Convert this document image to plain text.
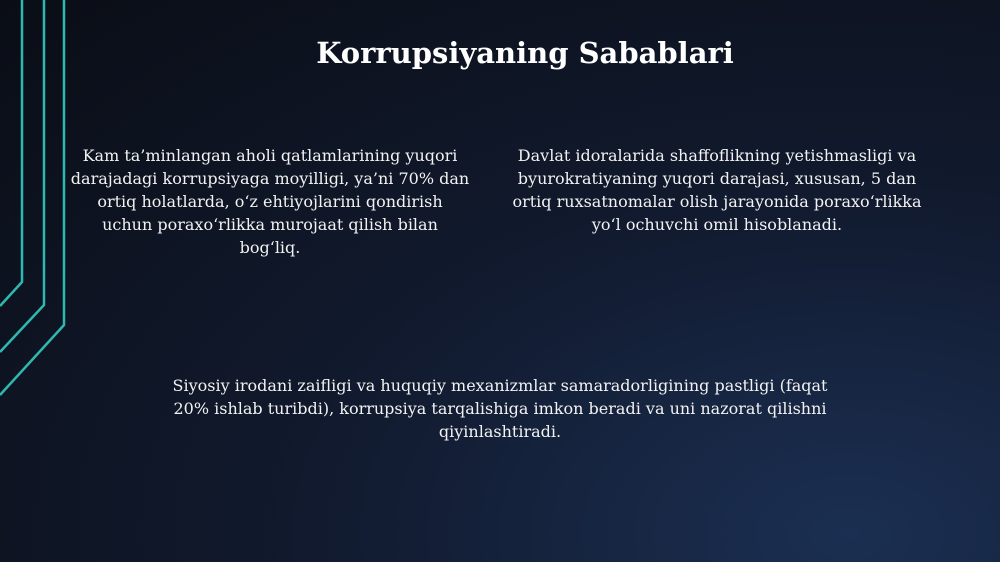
Korrupsiyaning Sabablari
Kam ta’minlangan aholi qatlamlarining yuqori darajadagi korrupsiyaga moyilligi, ya’ni 70% dan ortiq holatlarda, o‘z ehtiyojlarini qondirish uchun poraxo‘rlikka murojaat qilish bilan bog‘liq.
Davlat idoralarida shaffoflikning yetishmasligi va byurokratiyaning yuqori darajasi, xususan, 5 dan ortiq ruxsatnomalar olish jarayonida poraxo‘rlikka yo‘l ochuvchi omil hisoblanadi.
Siyosiy irodani zaifligi va huquqiy mexanizmlar samaradorligining pastligi (faqat 20% ishlab turibdi), korrupsiya tarqalishiga imkon beradi va uni nazorat qilishni qiyinlashtiradi.
